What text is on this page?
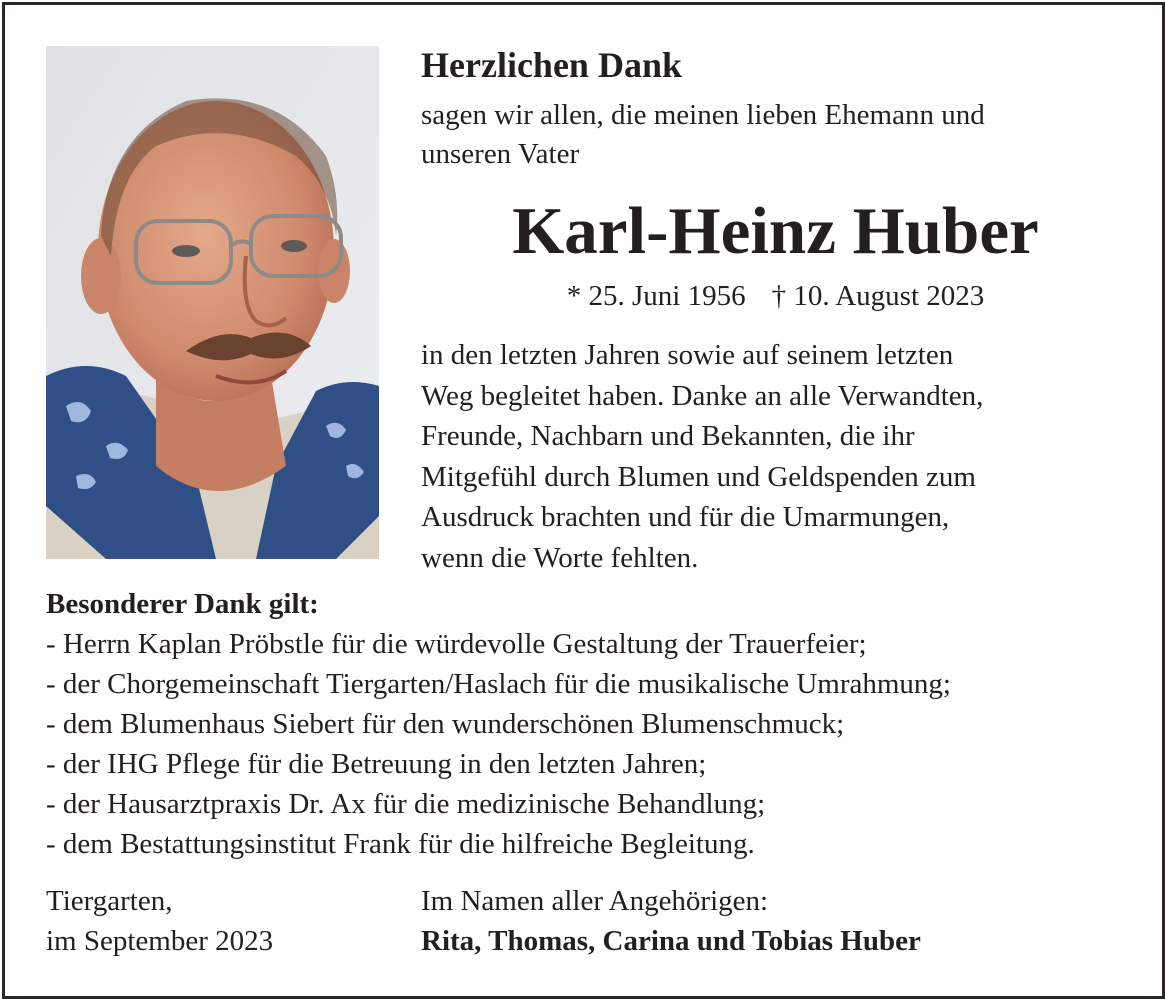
Herzlichen Dank
sagen wir allen, die meinen lieben Ehemann und
unseren Vater
Karl-Heinz Huber
* 25. Juni 1956 † 10. August 2023
in den letzten Jahren sowie auf seinem letzten
Weg begleitet haben. Danke an alle Verwandten,
Freunde, Nachbarn und Bekannten, die ihr
Mitgefühl durch Blumen und Geldspenden zum
Ausdruck brachten und für die Umarmungen,
wenn die Worte fehlten.
Besonderer Dank gilt:
- Herrn Kaplan Pröbstle für die würdevolle Gestaltung der Trauerfeier;
- der Chorgemeinschaft Tiergarten/Haslach für die musikalische Umrahmung;
- dem Blumenhaus Siebert für den wunderschönen Blumenschmuck;
- der IHG Pflege für die Betreuung in den letzten Jahren;
- der Hausarztpraxis Dr. Ax für die medizinische Behandlung;
- dem Bestattungsinstitut Frank für die hilfreiche Begleitung.
Tiergarten,
im September 2023
Im Namen aller Angehörigen:
Rita, Thomas, Carina und Tobias Huber
